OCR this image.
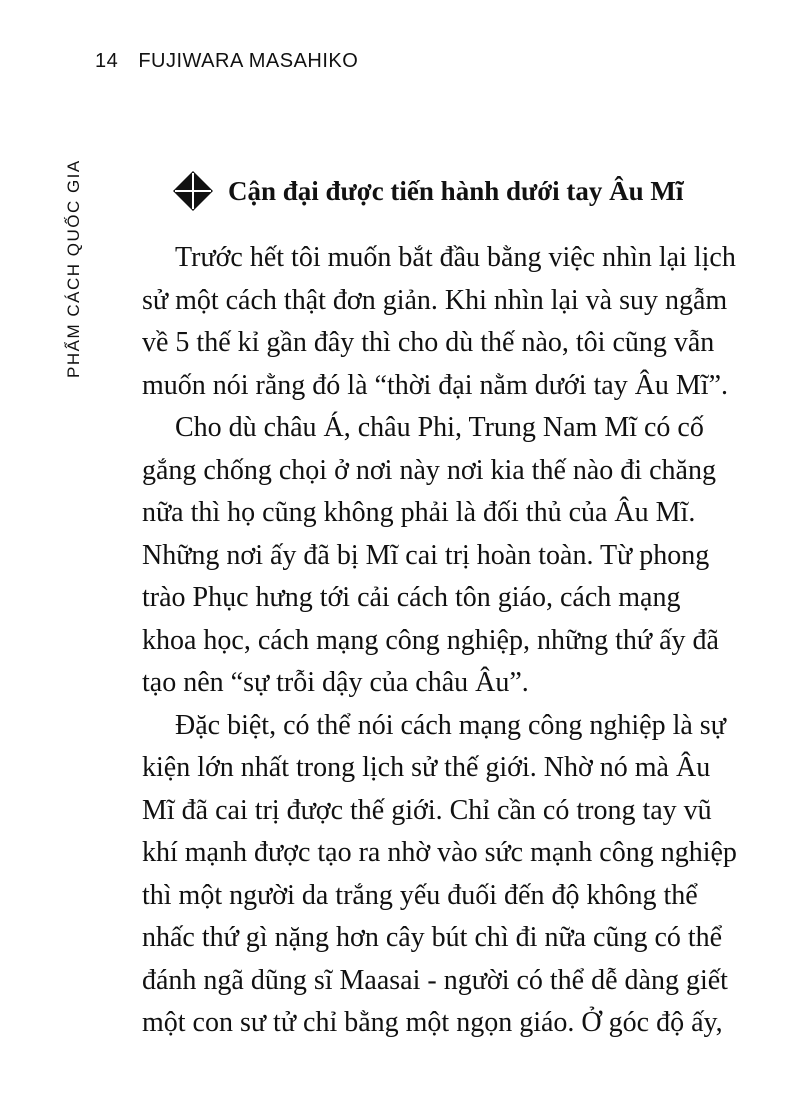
14 FUJIWARA MASAHIKO
PHẨM CÁCH QUỐC GIA	Cận đại được tiến hành dưới tay Âu Mĩ
Trước hết tôi muốn bắt đầu bằng việc nhìn lại lịch
sử một cách thật đơn giản. Khi nhìn lại và suy ngẫm
về 5 thế kỉ gần đây thì cho dù thế nào, tôi cũng vẫn
muốn nói rằng đó là “thời đại nằm dưới tay Âu Mĩ”.
Cho dù châu Á, châu Phi, Trung Nam Mĩ có cố
gắng chống chọi ở nơi này nơi kia thế nào đi chăng
nữa thì họ cũng không phải là đối thủ của Âu Mĩ.
Những nơi ấy đã bị Mĩ cai trị hoàn toàn. Từ phong
trào Phục hưng tới cải cách tôn giáo, cách mạng
khoa học, cách mạng công nghiệp, những thứ ấy đã
tạo nên “sự trỗi dậy của châu Âu”.
Đặc biệt, có thể nói cách mạng công nghiệp là sự
kiện lớn nhất trong lịch sử thế giới. Nhờ nó mà Âu
Mĩ đã cai trị được thế giới. Chỉ cần có trong tay vũ
khí mạnh được tạo ra nhờ vào sức mạnh công nghiệp
thì một người da trắng yếu đuối đến độ không thể
nhấc thứ gì nặng hơn cây bút chì đi nữa cũng có thể
đánh ngã dũng sĩ Maasai - người có thể dễ dàng giết
một con sư tử chỉ bằng một ngọn giáo. Ở góc độ ấy,
